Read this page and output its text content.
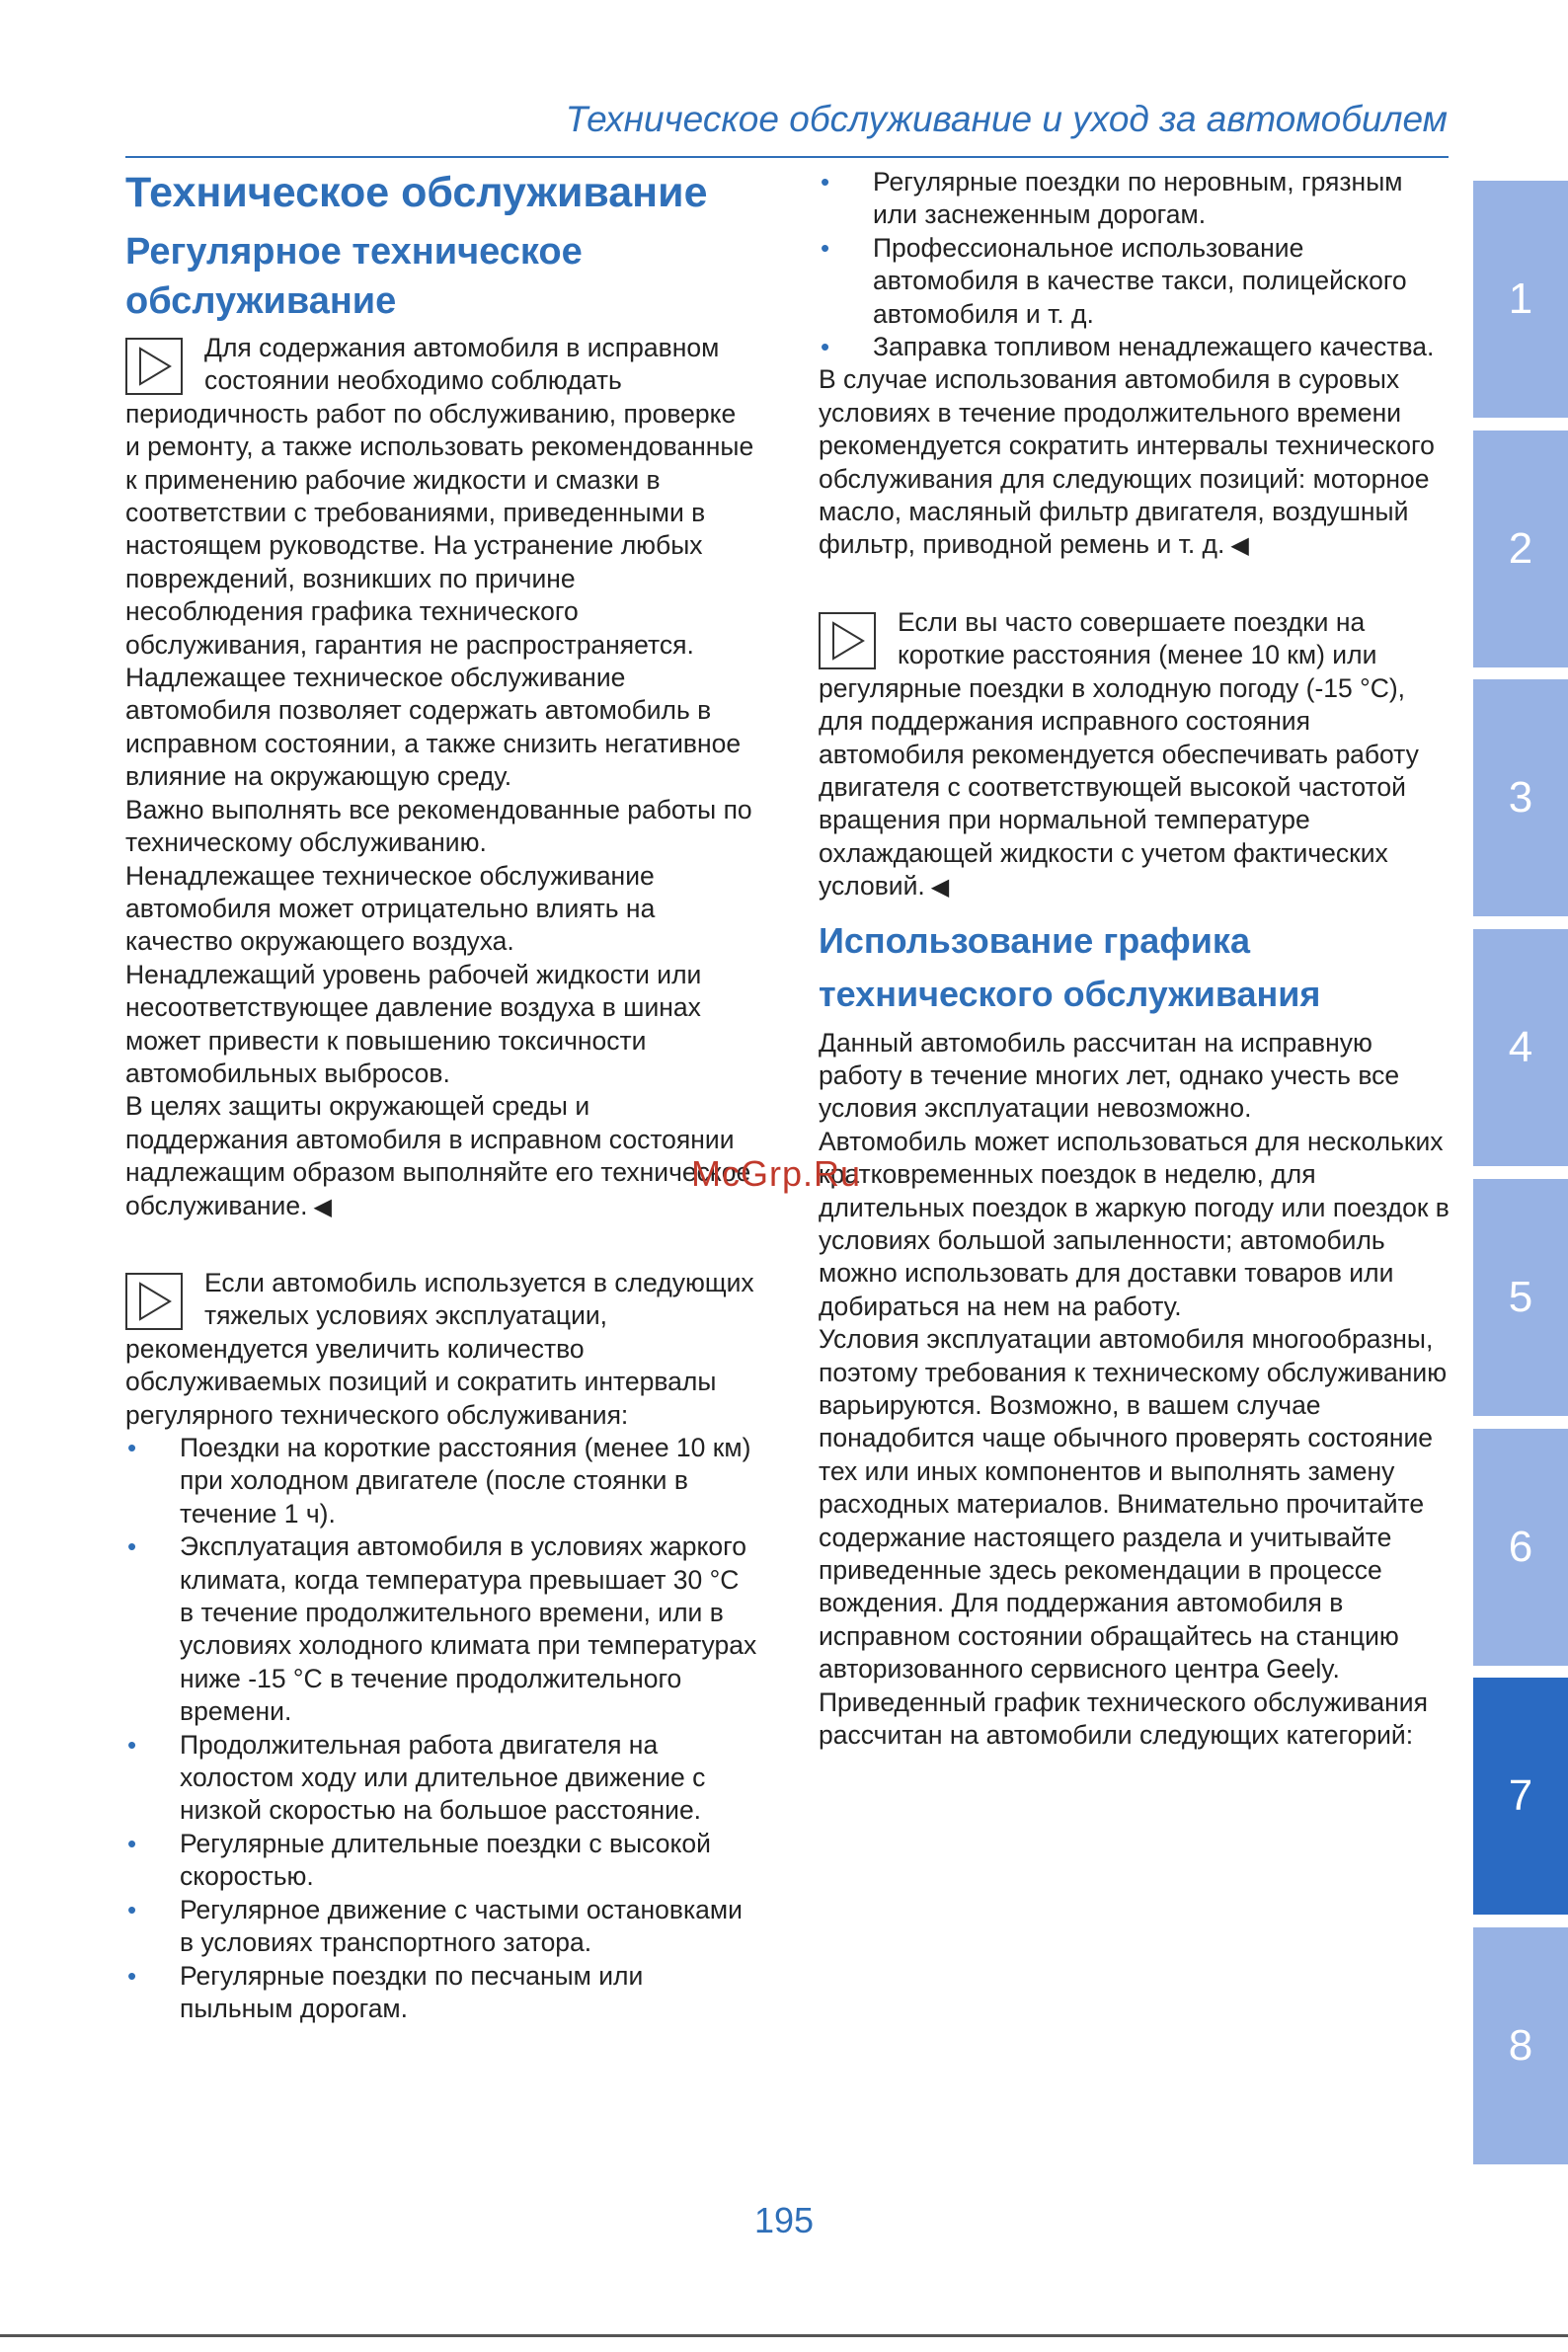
Техническое обслуживание и уход за автомобилем
Техническое обслуживание
Регулярное техническое обслуживание

Для содержания автомобиля в исправном состоянии необходимо соблюдать периодичность работ по обслуживанию, проверке и ремонту, а также использовать рекомендованные к применению рабочие жидкости и смазки в соответствии с требованиями, приведенными в настоящем руководстве. На устранение любых повреждений, возникших по причине несоблюдения графика технического обслуживания, гарантия не распространяется.

Надлежащее техническое обслуживание автомобиля позволяет содержать автомобиль в исправном состоянии, а также снизить негативное влияние на окружающую среду.

Важно выполнять все рекомендованные работы по техническому обслуживанию.

Ненадлежащее техническое обслуживание автомобиля может отрицательно влиять на качество окружающего воздуха.

Ненадлежащий уровень рабочей жидкости или несоответствующее давление воздуха в шинах может привести к повышению токсичности автомобильных выбросов.

В целях защиты окружающей среды и поддержания автомобиля в исправном состоянии надлежащим образом выполняйте его техническое обслуживание. ◀

Если автомобиль используется в следующих тяжелых условиях эксплуатации, рекомендуется увеличить количество обслуживаемых позиций и сократить интервалы регулярного технического обслуживания:

• Поездки на короткие расстояния (менее 10 км) при холодном двигателе (после стоянки в течение 1 ч).
• Эксплуатация автомобиля в условиях жаркого климата, когда температура превышает 30 °C в течение продолжительного времени, или в условиях холодного климата при температурах ниже -15 °C в течение продолжительного времени.
• Продолжительная работа двигателя на холостом ходу или длительное движение с низкой скоростью на большое расстояние.
• Регулярные длительные поездки с высокой скоростью.
• Регулярное движение с частыми остановками в условиях транспортного затора.
• Регулярные поездки по песчаным или пыльным дорогам.
• Регулярные поездки по неровным, грязным или заснеженным дорогам.
• Профессиональное использование автомобиля в качестве такси, полицейского автомобиля и т. д.
• Заправка топливом ненадлежащего качества.

В случае использования автомобиля в суровых условиях в течение продолжительного времени рекомендуется сократить интервалы технического обслуживания для следующих позиций: моторное масло, масляный фильтр двигателя, воздушный фильтр, приводной ремень и т. д. ◀

Если вы часто совершаете поездки на короткие расстояния (менее 10 км) или регулярные поездки в холодную погоду (-15 °C), для поддержания исправного состояния автомобиля рекомендуется обеспечивать работу двигателя с соответствующей высокой частотой вращения при нормальной температуре охлаждающей жидкости с учетом фактических условий. ◀

Использование графика технического обслуживания

Данный автомобиль рассчитан на исправную работу в течение многих лет, однако учесть все условия эксплуатации невозможно.

Автомобиль может использоваться для нескольких кратковременных поездок в неделю, для длительных поездок в жаркую погоду или поездок в условиях большой запыленности; автомобиль можно использовать для доставки товаров или добираться на нем на работу.

Условия эксплуатации автомобиля многообразны, поэтому требования к техническому обслуживанию варьируются. Возможно, в вашем случае понадобится чаще обычного проверять состояние тех или иных компонентов и выполнять замену расходных материалов. Внимательно прочитайте содержание настоящего раздела и учитывайте приведенные здесь рекомендации в процессе вождения. Для поддержания автомобиля в исправном состоянии обращайтесь на станцию авторизованного сервисного центра Geely.

Приведенный график технического обслуживания рассчитан на автомобили следующих категорий:

McGrp.Ru
195
1
2
3
4
5
6
7
8
